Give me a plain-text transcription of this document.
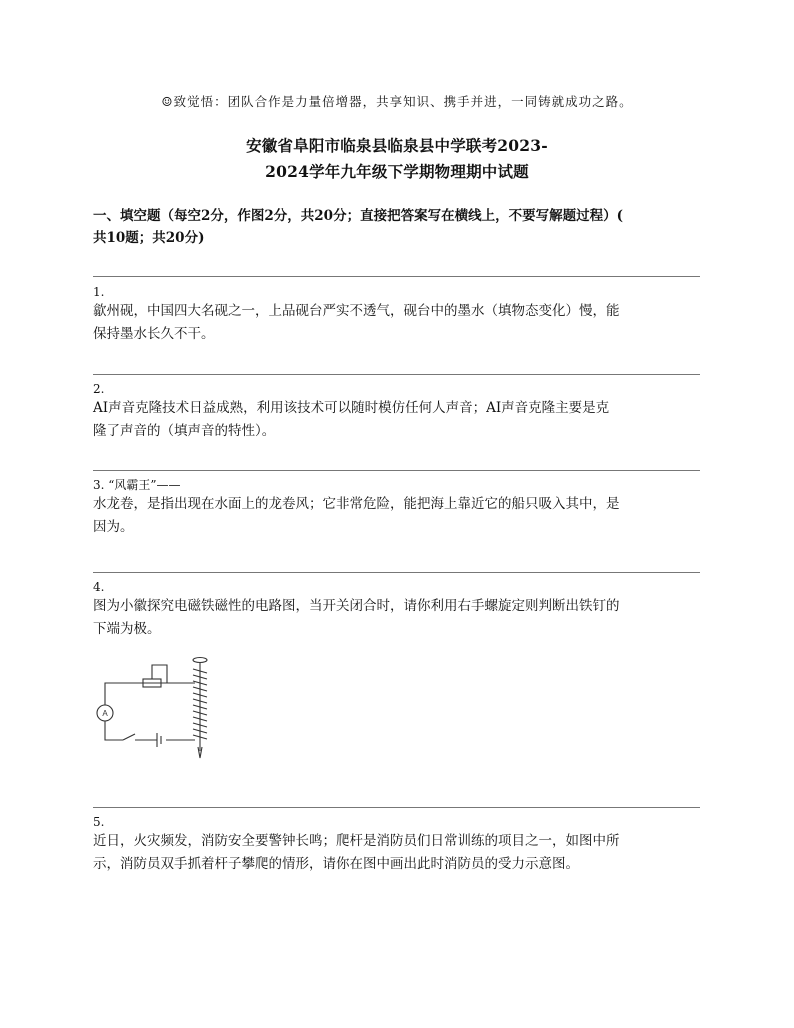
☺致觉悟：团队合作是力量倍增器，共享知识、携手并进，一同铸就成功之路。
安徽省阜阳市临泉县临泉县中学联考2023-
2024学年九年级下学期物理期中试题
一、填空题（每空2分，作图2分，共20分；直接把答案写在横线上，不要写解题过程）(
共10题；共20分)
1.
歙州砚，中国四大名砚之一，上品砚台严实不透气，砚台中的墨水（填物态变化）慢，能
保持墨水长久不干。
2.
AI声音克隆技术日益成熟，利用该技术可以随时模仿任何人声音；AI声音克隆主要是克
隆了声音的（填声音的特性）。
3. “风霸王”——
水龙卷，是指出现在水面上的龙卷风；它非常危险，能把海上靠近它的船只吸入其中，是
因为。
4.
图为小徽探究电磁铁磁性的电路图，当开关闭合时，请你利用右手螺旋定则判断出铁钉的
下端为极。
A
5.
近日，火灾频发，消防安全要警钟长鸣；爬杆是消防员们日常训练的项目之一，如图中所
示，消防员双手抓着杆子攀爬的情形，请你在图中画出此时消防员的受力示意图。
